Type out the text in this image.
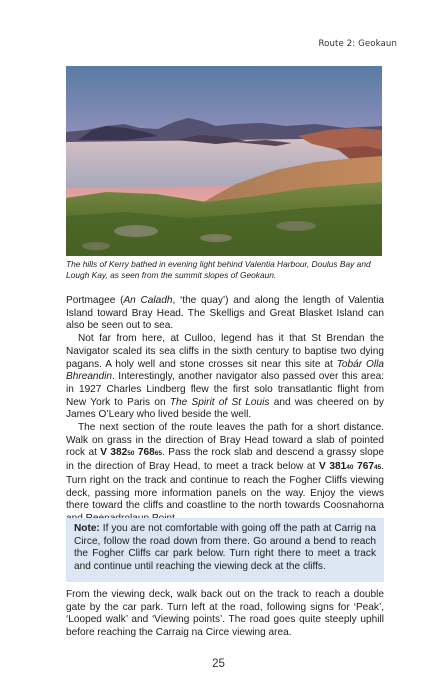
Route 2: Geokaun
The hills of Kerry bathed in evening light behind Valentia Harbour, Doulus Bay and Lough Kay, as seen from the summit slopes of Geokaun.

Portmagee (An Caladh, ‘the quay’) and along the length of Valentia Island toward Bray Head. The Skelligs and Great Blasket Island can also be seen out to sea.

Not far from here, at Culloo, legend has it that St Brendan the Navigator scaled its sea cliffs in the sixth century to baptise two dying pagans. A holy well and stone crosses sit near this site at Tobár Olla Bhreandin. Interestingly, another navigator also passed over this area: in 1927 Charles Lindberg flew the first solo transatlantic flight from New York to Paris on The Spirit of St Louis and was cheered on by James O’Leary who lived beside the well.

The next section of the route leaves the path for a short distance. Walk on grass in the direction of Bray Head toward a slab of pointed rock at V 38250 76865. Pass the rock slab and descend a grassy slope in the direction of Bray Head, to meet a track below at V 38140 76745. Turn right on the track and continue to reach the Fogher Cliffs viewing deck, passing more information panels on the way. Enjoy the views there toward the cliffs and coastline to the north towards Coosnahorna

Note: If you are not comfortable with going off the path at Carrig na Circe, follow the road down from there. Go around a bend to reach the Fogher Cliffs car park below. Turn right there to meet a track and continue until reaching the viewing deck at the cliffs.

From the viewing deck, walk back out on the track to reach a double gate by the car park. Turn left at the road, following signs for ‘Peak’, ‘Looped walk’ and ‘Viewing points’. The road goes quite steeply uphill before reaching the Carraig na Circe viewing area.

25
